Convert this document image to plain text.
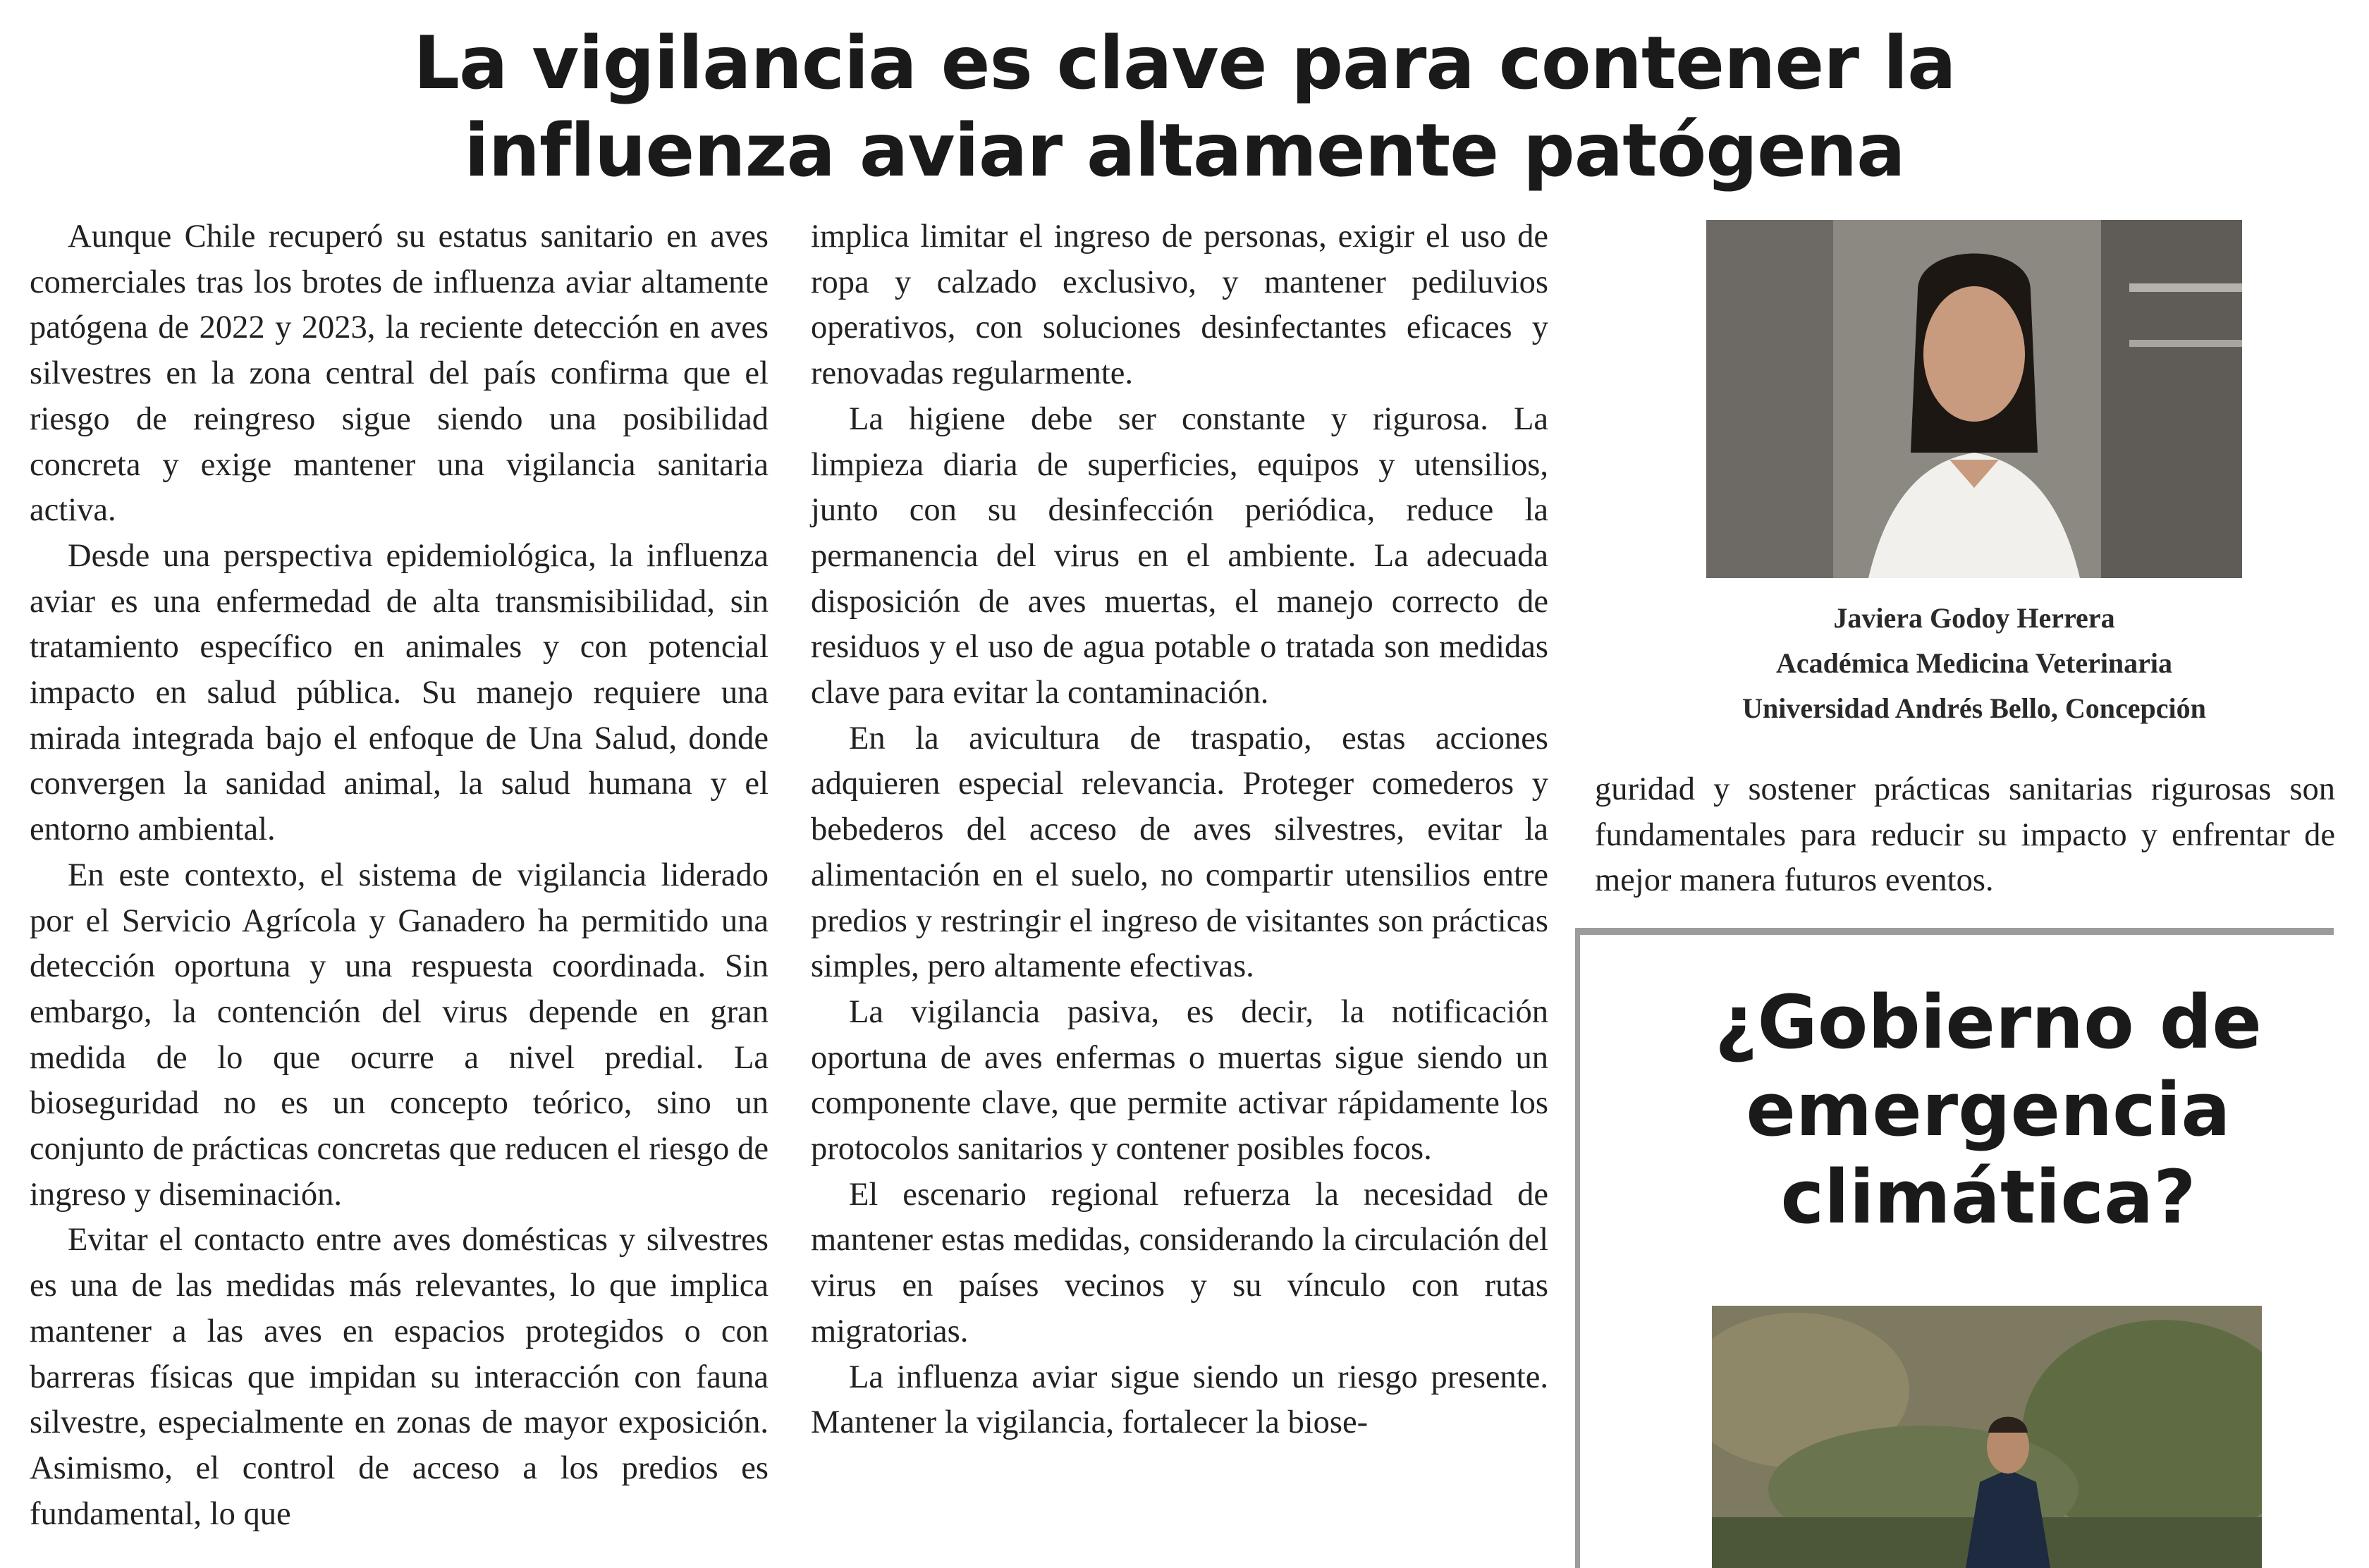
La vigilancia es clave para contener la
influenza aviar altamente patógena

Aunque Chile recuperó su estatus sanitario en aves comerciales tras los brotes de influenza aviar altamente patógena de 2022 y 2023, la reciente detección en aves silvestres en la zona central del país confirma que el riesgo de reingreso sigue siendo una posibilidad concreta y exige mantener una vigilancia sanitaria activa.

Desde una perspectiva epidemiológica, la influenza aviar es una enfermedad de alta transmisibilidad, sin tratamiento específico en animales y con potencial impacto en salud pública. Su manejo requiere una mirada integrada bajo el enfoque de Una Salud, donde convergen la sanidad animal, la salud humana y el entorno ambiental.

En este contexto, el sistema de vigilancia liderado por el Servicio Agrícola y Ganadero ha permitido una detección oportuna y una respuesta coordinada. Sin embargo, la contención del virus depende en gran medida de lo que ocurre a nivel predial. La bioseguridad no es un concepto teórico, sino un conjunto de prácticas concretas que reducen el riesgo de ingreso y diseminación.

Evitar el contacto entre aves domésticas y silvestres es una de las medidas más relevantes, lo que implica mantener a las aves en espacios protegidos o con barreras físicas que impidan su interacción con fauna silvestre, especialmente en zonas de mayor exposición. Asimismo, el control de acceso a los predios es fundamental, lo que

implica limitar el ingreso de personas, exigir el uso de ropa y calzado exclusivo, y mantener pediluvios operativos, con soluciones desinfectantes eficaces y renovadas regularmente.

La higiene debe ser constante y rigurosa. La limpieza diaria de superficies, equipos y utensilios, junto con su desinfección periódica, reduce la permanencia del virus en el ambiente. La adecuada disposición de aves muertas, el manejo correcto de residuos y el uso de agua potable o tratada son medidas clave para evitar la contaminación.

En la avicultura de traspatio, estas acciones adquieren especial relevancia. Proteger comederos y bebederos del acceso de aves silvestres, evitar la alimentación en el suelo, no compartir utensilios entre predios y restringir el ingreso de visitantes son prácticas simples, pero altamente efectivas.

La vigilancia pasiva, es decir, la notificación oportuna de aves enfermas o muertas sigue siendo un componente clave, que permite activar rápidamente los protocolos sanitarios y contener posibles focos.

El escenario regional refuerza la necesidad de mantener estas medidas, considerando la circulación del virus en países vecinos y su vínculo con rutas migratorias.

La influenza aviar sigue siendo un riesgo presente. Mantener la vigilancia, fortalecer la biose-

Javiera Godoy Herrera
Académica Medicina Veterinaria
Universidad Andrés Bello, Concepción

guridad y sostener prácticas sanitarias rigurosas son fundamentales para reducir su impacto y enfrentar de mejor manera futuros eventos.

¿Gobierno de
emergencia
climática?
